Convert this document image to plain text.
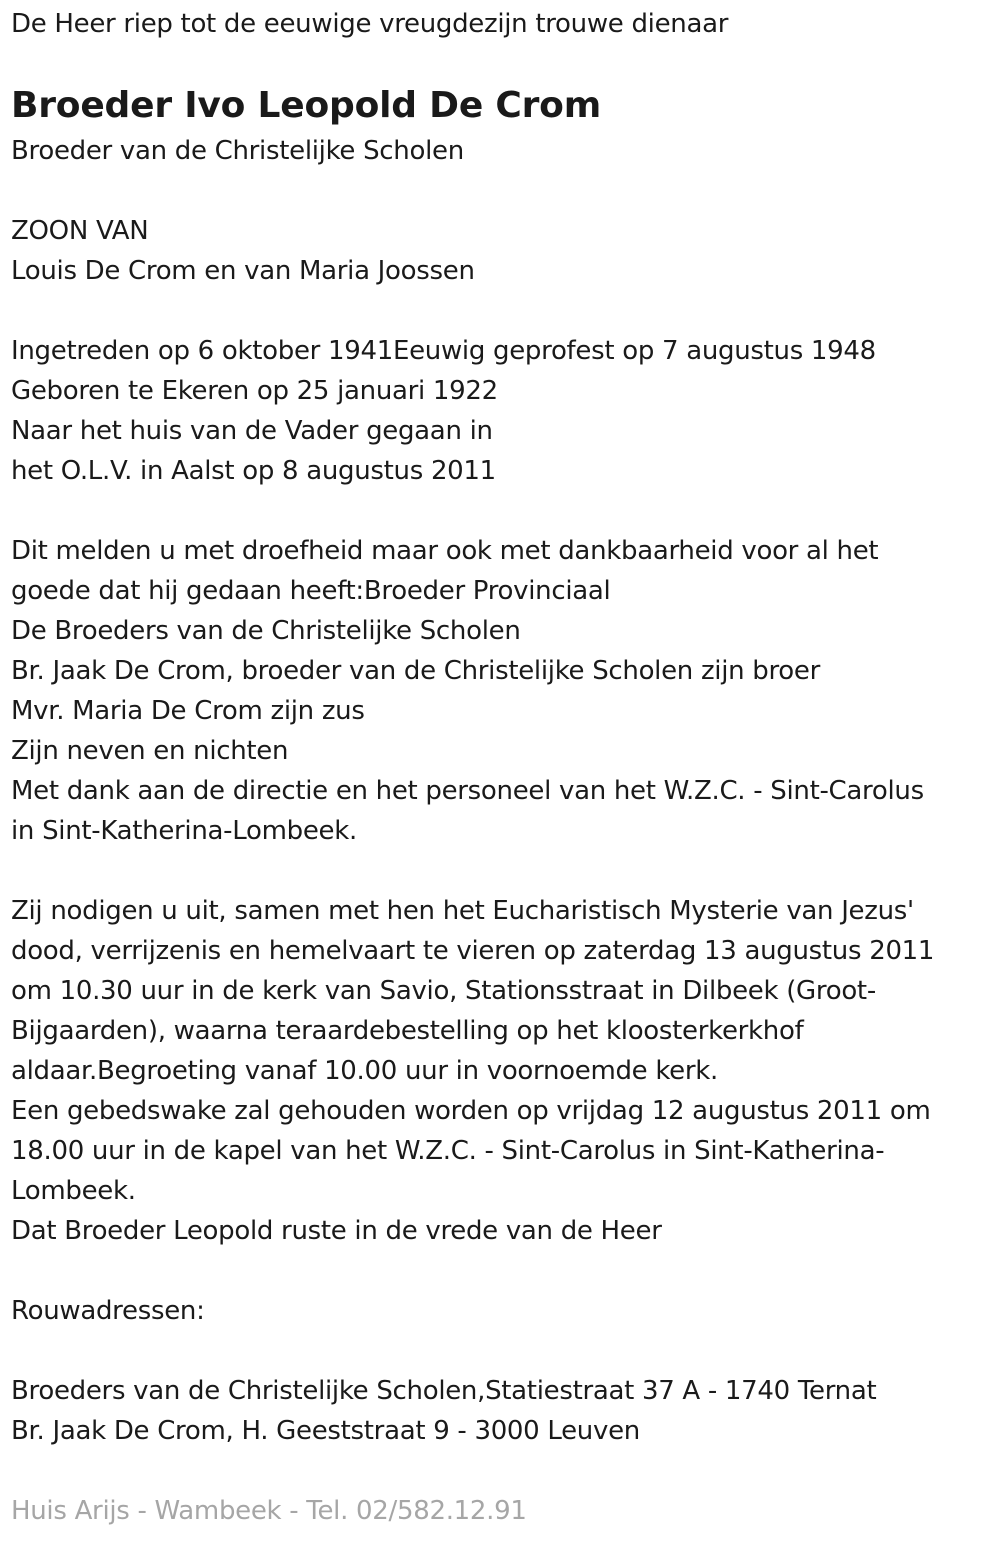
De Heer riep tot de eeuwige vreugdezijn trouwe dienaar
Broeder Ivo Leopold De Crom
Broeder van de Christelijke Scholen
ZOON VAN
Louis De Crom en van Maria Joossen
Ingetreden op 6 oktober 1941Eeuwig geprofest op 7 augustus 1948
Geboren te Ekeren op 25 januari 1922
Naar het huis van de Vader gegaan in
het O.L.V. in Aalst op 8 augustus 2011
Dit melden u met droefheid maar ook met dankbaarheid voor al het
goede dat hij gedaan heeft:Broeder Provinciaal
De Broeders van de Christelijke Scholen
Br. Jaak De Crom, broeder van de Christelijke Scholen zijn broer
Mvr. Maria De Crom zijn zus
Zijn neven en nichten
Met dank aan de directie en het personeel van het W.Z.C. - Sint-Carolus
in Sint-Katherina-Lombeek.
Zij nodigen u uit, samen met hen het Eucharistisch Mysterie van Jezus'
dood, verrijzenis en hemelvaart te vieren op zaterdag 13 augustus 2011
om 10.30 uur in de kerk van Savio, Stationsstraat in Dilbeek (Groot-
Bijgaarden), waarna teraardebestelling op het kloosterkerkhof
aldaar.Begroeting vanaf 10.00 uur in voornoemde kerk.
Een gebedswake zal gehouden worden op vrijdag 12 augustus 2011 om
18.00 uur in de kapel van het W.Z.C. - Sint-Carolus in Sint-Katherina-
Lombeek.
Dat Broeder Leopold ruste in de vrede van de Heer
Rouwadressen:
Broeders van de Christelijke Scholen,Statiestraat 37 A - 1740 Ternat
Br. Jaak De Crom, H. Geeststraat 9 - 3000 Leuven
Huis Arijs - Wambeek - Tel. 02/582.12.91
